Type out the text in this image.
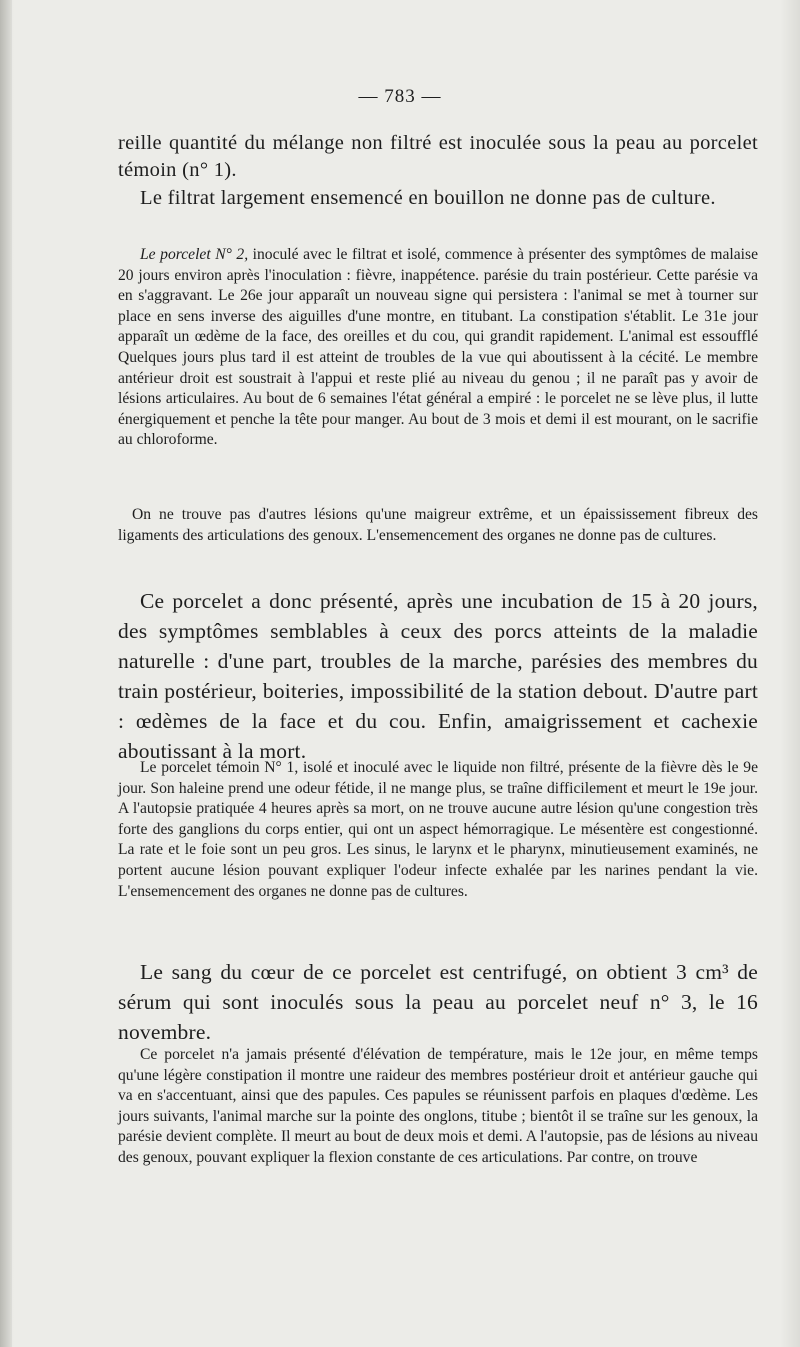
— 783 —

reille quantité du mélange non filtré est inoculée sous la peau au porcelet témoin (n° 1).

Le filtrat largement ensemencé en bouillon ne donne pas de culture.

Le porcelet N° 2, inoculé avec le filtrat et isolé, commence à présenter des symptômes de malaise 20 jours environ après l'inoculation : fièvre, inappétence. parésie du train postérieur. Cette parésie va en s'aggravant. Le 26e jour apparaît un nouveau signe qui persistera : l'animal se met à tourner sur place en sens inverse des aiguilles d'une montre, en titubant. La constipation s'établit. Le 31e jour apparaît un œdème de la face, des oreilles et du cou, qui grandit rapidement. L'animal est essoufflé Quelques jours plus tard il est atteint de troubles de la vue qui aboutissent à la cécité. Le membre antérieur droit est soustrait à l'appui et reste plié au niveau du genou ; il ne paraît pas y avoir de lésions articulaires. Au bout de 6 semaines l'état général a empiré : le porcelet ne se lève plus, il lutte énergiquement et penche la tête pour manger. Au bout de 3 mois et demi il est mourant, on le sacrifie au chloroforme.

On ne trouve pas d'autres lésions qu'une maigreur extrême, et un épaississement fibreux des ligaments des articulations des genoux. L'ensemencement des organes ne donne pas de cultures.

Ce porcelet a donc présenté, après une incubation de 15 à 20 jours, des symptômes semblables à ceux des porcs atteints de la maladie naturelle : d'une part, troubles de la marche, parésies des membres du train postérieur, boiteries, impossibilité de la station debout. D'autre part : œdèmes de la face et du cou. Enfin, amaigrissement et cachexie aboutissant à la mort.

Le porcelet témoin N° 1, isolé et inoculé avec le liquide non filtré, présente de la fièvre dès le 9e jour. Son haleine prend une odeur fétide, il ne mange plus, se traîne difficilement et meurt le 19e jour. A l'autopsie pratiquée 4 heures après sa mort, on ne trouve aucune autre lésion qu'une congestion très forte des ganglions du corps entier, qui ont un aspect hémorragique. Le mésentère est congestionné. La rate et le foie sont un peu gros. Les sinus, le larynx et le pharynx, minutieusement examinés, ne portent aucune lésion pouvant expliquer l'odeur infecte exhalée par les narines pendant la vie. L'ensemencement des organes ne donne pas de cultures.

Le sang du cœur de ce porcelet est centrifugé, on obtient 3 cm³ de sérum qui sont inoculés sous la peau au porcelet neuf n° 3, le 16 novembre.

Ce porcelet n'a jamais présenté d'élévation de température, mais le 12e jour, en même temps qu'une légère constipation il montre une raideur des membres postérieur droit et antérieur gauche qui va en s'accentuant, ainsi que des papules. Ces papules se réunissent parfois en plaques d'œdème. Les jours suivants, l'animal marche sur la pointe des onglons, titube ; bientôt il se traîne sur les genoux, la parésie devient complète. Il meurt au bout de deux mois et demi. A l'autopsie, pas de lésions au niveau des genoux, pouvant expliquer la flexion constante de ces articulations. Par contre, on trouve
